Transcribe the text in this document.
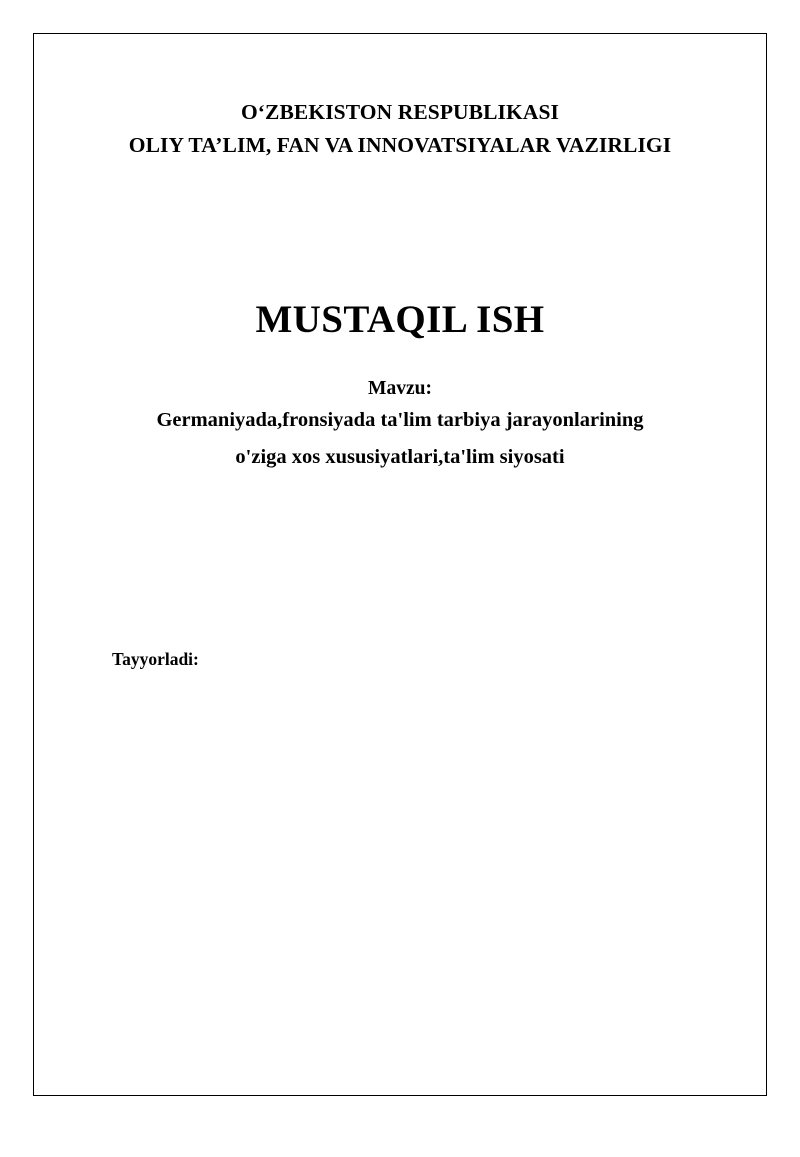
O‘ZBEKISTON RESPUBLIKASI
OLIY TA’LIM, FAN VA INNOVATSIYALAR VAZIRLIGI
MUSTAQIL ISH
Mavzu:
Germaniyada,fronsiyada ta'lim tarbiya jarayonlarining
o'ziga xos xususiyatlari,ta'lim siyosati
Tayyorladi:
